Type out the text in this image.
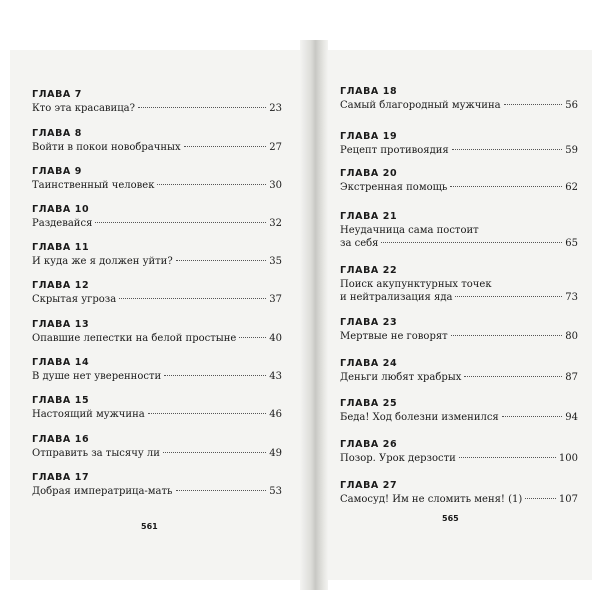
ГЛАВА 7
Кто эта красавица?	23
ГЛАВА 8
Войти в покои новобрачных	27
ГЛАВА 9
Таинственный человек	30
ГЛАВА 10
Раздевайся	32
ГЛАВА 11
И куда же я должен уйти?	35
ГЛАВА 12
Скрытая угроза	37
ГЛАВА 13
Опавшие лепестки на белой простыне	40
ГЛАВА 14
В душе нет уверенности	43
ГЛАВА 15
Настоящий мужчина	46
ГЛАВА 16
Отправить за тысячу ли	49
ГЛАВА 17
Добрая императрица-мать	53
561
ГЛАВА 18
Самый благородный мужчина	56
ГЛАВА 19
Рецепт противоядия	59
ГЛАВА 20
Экстренная помощь	62
ГЛАВА 21
Неудачница сама постоит
за себя	65
ГЛАВА 22
Поиск акупунктурных точек
и нейтрализация яда	73
ГЛАВА 23
Мертвые не говорят	80
ГЛАВА 24
Деньги любят храбрых	87
ГЛАВА 25
Беда! Ход болезни изменился	94
ГЛАВА 26
Позор. Урок дерзости	100
ГЛАВА 27
Самосуд! Им не сломить меня! (1)	107
565
